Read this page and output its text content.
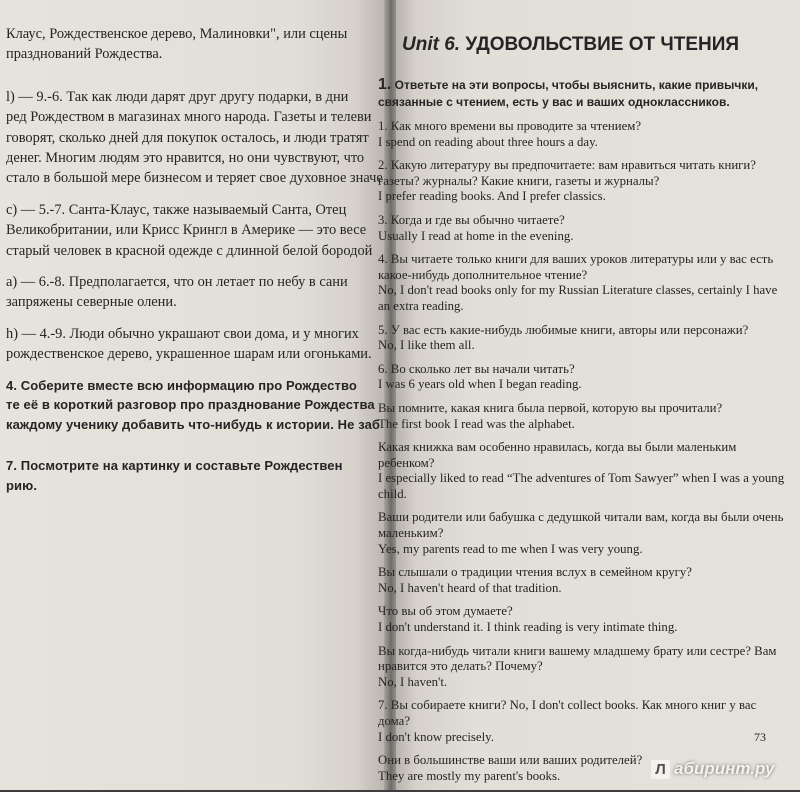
Клаус, Рождественское дерево, Малиновки", или сцены
празднований Рождества.
l) — 9.-6. Так как люди дарят друг другу подарки, в дни
ред Рождеством в магазинах много народа. Газеты и телеви
говорят, сколько дней для покупок осталось, и люди тратят
денег. Многим людям это нравится, но они чувствуют, что
стало в большой мере бизнесом и теряет свое духовное значе
c) — 5.-7. Санта-Клаус, также называемый Санта, Отец
Великобритании, или Крисс Крингл в Америке — это весе
старый человек в красной одежде с длинной белой бородой
a) — 6.-8. Предполагается, что он летает по небу в сани
запряжены северные олени.
h) — 4.-9. Люди обычно украшают свои дома, и у многих
рождественское дерево, украшенное шарам или огоньками.
4. Соберите вместе всю информацию про Рождество
те её в короткий разговор про празднование Рождества
каждому ученику добавить что-нибудь к истории. Не заб
7. Посмотрите на картинку и составьте Рождествен
рию.
Unit 6. УДОВОЛЬСТВИЕ ОТ ЧТЕНИЯ
1. Ответьте на эти вопросы, чтобы выяснить, какие привычки, связанные с чтением, есть у вас и ваших одноклассников.
1. Как много времени вы проводите за чтением?
I spend on reading about three hours a day.
2. Какую литературу вы предпочитаете: вам нравиться читать книги? газеты? журналы? Какие книги, газеты и журналы?
I prefer reading books. And I prefer classics.
3. Когда и где вы обычно читаете?
Usually I read at home in the evening.
4. Вы читаете только книги для ваших уроков литературы или у вас есть какое-нибудь дополнительное чтение?
No, I don't read books only for my Russian Literature classes, certainly I have an extra reading.
5. У вас есть какие-нибудь любимые книги, авторы или персонажи?
No, I like them all.
6. Во сколько лет вы начали читать?
I was 6 years old when I began reading.
Вы помните, какая книга была первой, которую вы прочитали?
The first book I read was the alphabet.
Какая книжка вам особенно нравилась, когда вы были маленьким ребенком?
I especially liked to read “The adventures of Tom Sawyer” when I was a young child.
Ваши родители или бабушка с дедушкой читали вам, когда вы были очень маленьким?
Yes, my parents read to me when I was very young.
Вы слышали о традиции чтения вслух в семейном кругу?
No, I haven't heard of that tradition.
Что вы об этом думаете?
I don't understand it. I think reading is very intimate thing.
Вы когда-нибудь читали книги вашему младшему брату или сестре? Вам нравится это делать? Почему?
No, I haven't.
7. Вы собираете книги? No, I don't collect books. Как много книг у вас дома?
I don't know precisely.
Они в большинстве ваши или ваших родителей?
They are mostly my parent's books.
73
Л абиринт.ру
